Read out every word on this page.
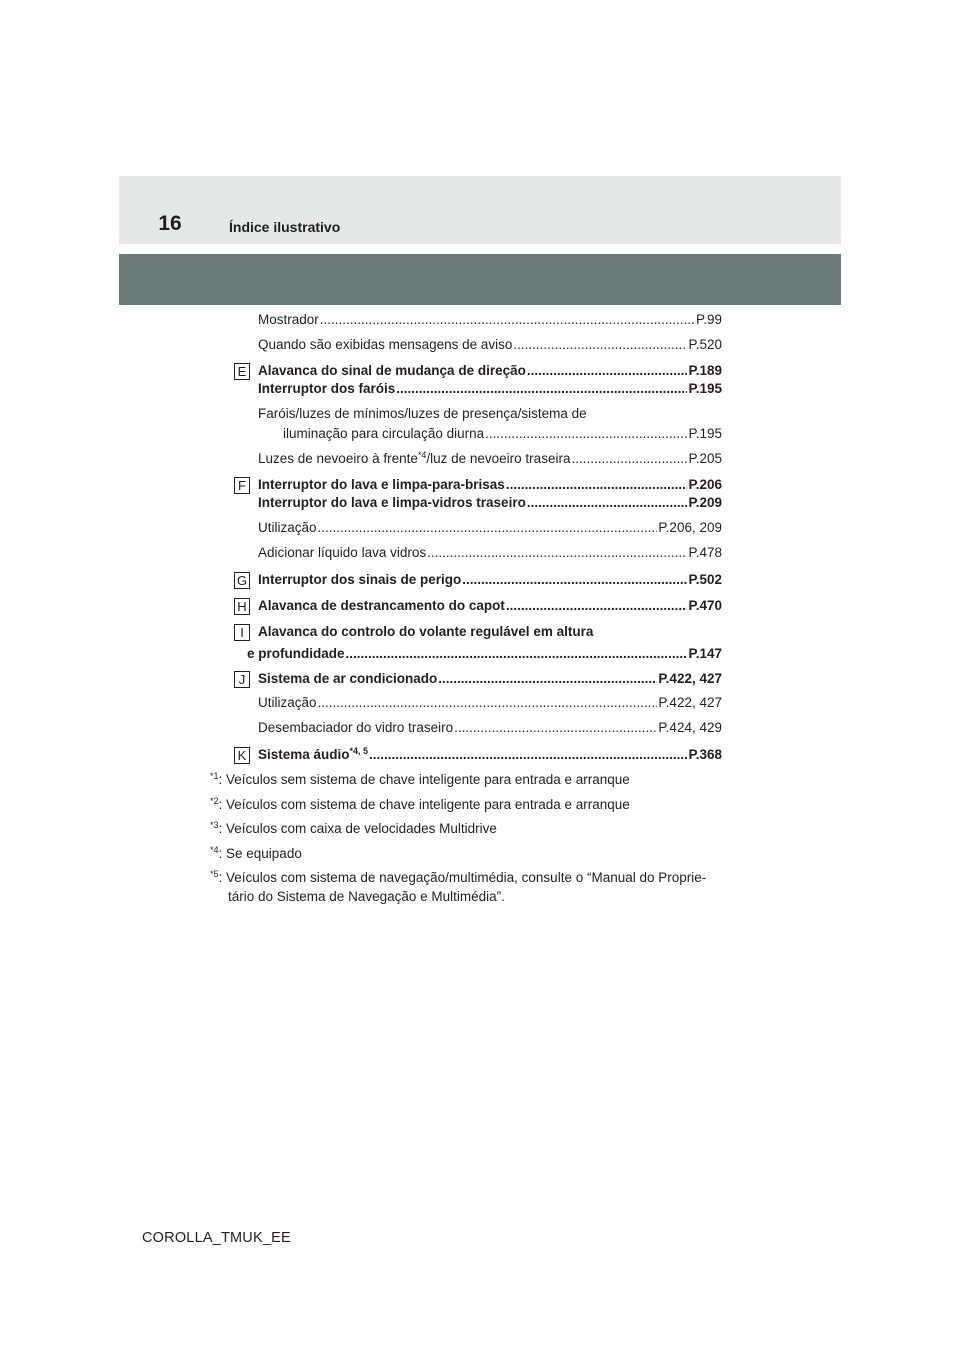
16	Índice ilustrativo
Mostrador .....	P.99
Quando são exibidas mensagens de aviso .....	P.520
E Alavanca do sinal de mudança de direção .....	P.189
Interruptor dos faróis .....	P.195
Faróis/luzes de mínimos/luzes de presença/sistema de
iluminação para circulação diurna .....	P.195
Luzes de nevoeiro à frente$^{*4}$/luz de nevoeiro traseira .....	P.205
F Interruptor do lava e limpa-para-brisas .....	P.206
Interruptor do lava e limpa-vidros traseiro .....	P.209
Utilização .....	P.206, 209
Adicionar líquido lava vidros .....	P.478
G Interruptor dos sinais de perigo .....	P.502
H Alavanca de destrancamento do capot .....	P.470
I	Alavanca do controlo do volante regulável em altura
e profundidade .....	P.147
J Sistema de ar condicionado .....	P.422, 427
Utilização .....	P.422, 427
Desembaciador do vidro traseiro .....	P.424, 429
K Sistema áudio$^{*4, 5}$ .....	P.368
$^{*1}$: Veículos sem sistema de chave inteligente para entrada e arranque
$^{*2}$: Veículos com sistema de chave inteligente para entrada e arranque
$^{*3}$: Veículos com caixa de velocidades Multidrive
$^{*4}$: Se equipado
$^{*5}$: Veículos com sistema de navegação/multimédia, consulte o “Manual do Proprie-
tário do Sistema de Navegação e Multimédia”.
COROLLA_TMUK_EE
